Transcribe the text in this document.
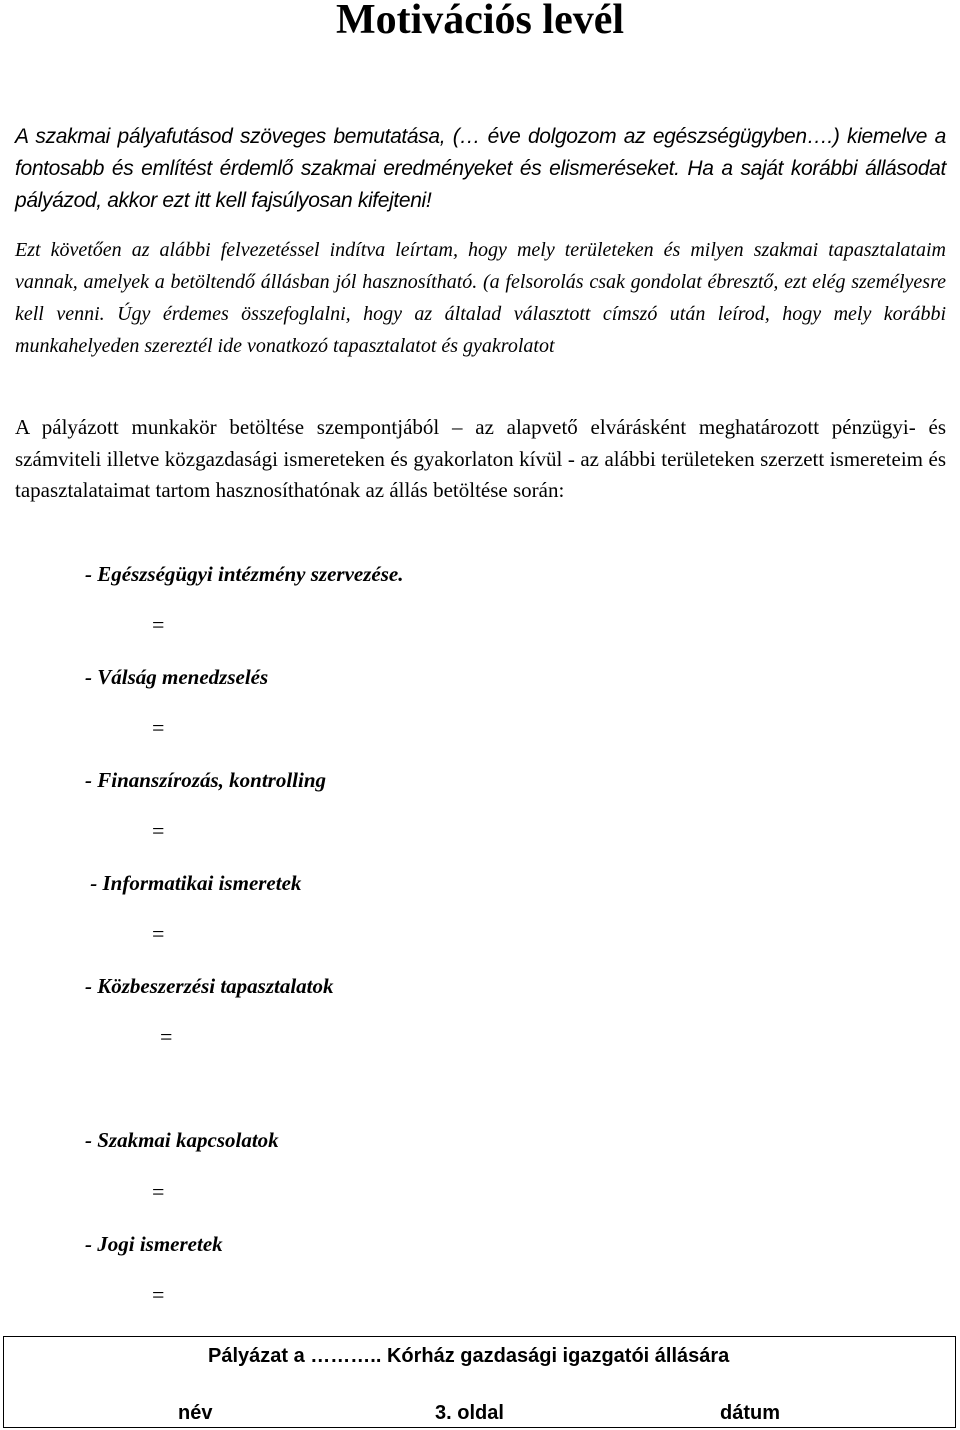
Motivációs levél

A szakmai pályafutásod szöveges bemutatása, (… éve dolgozom az egészségügyben….) kiemelve a fontosabb és említést érdemlő szakmai eredményeket és elismeréseket. Ha a saját korábbi állásodat pályázod, akkor ezt itt kell fajsúlyosan kifejteni!

Ezt követően az alábbi felvezetéssel indítva leírtam, hogy mely területeken és milyen szakmai tapasztalataim vannak, amelyek a betöltendő állásban jól hasznosítható. (a felsorolás csak gondolat ébresztő, ezt elég személyesre kell venni. Úgy érdemes összefoglalni, hogy az általad választott címszó után leírod, hogy mely korábbi munkahelyeden szereztél ide vonatkozó tapasztalatot és gyakrolatot

A pályázott munkakör betöltése szempontjából – az alapvető elvárásként meghatározott pénzügyi- és számviteli illetve közgazdasági ismereteken és gyakorlaton kívül - az alábbi területeken szerzett ismereteim és tapasztalataimat tartom hasznosíthatónak az állás betöltése során:

- Egészségügyi intézmény szervezése.

=

- Válság menedzselés

=

- Finanszírozás, kontrolling

=

- Informatikai ismeretek

=

- Közbeszerzési tapasztalatok

=

- Szakmai kapcsolatok

=

- Jogi ismeretek

=

Pályázat a ……….. Kórház gazdasági igazgatói állására
név	3. oldal	dátum
